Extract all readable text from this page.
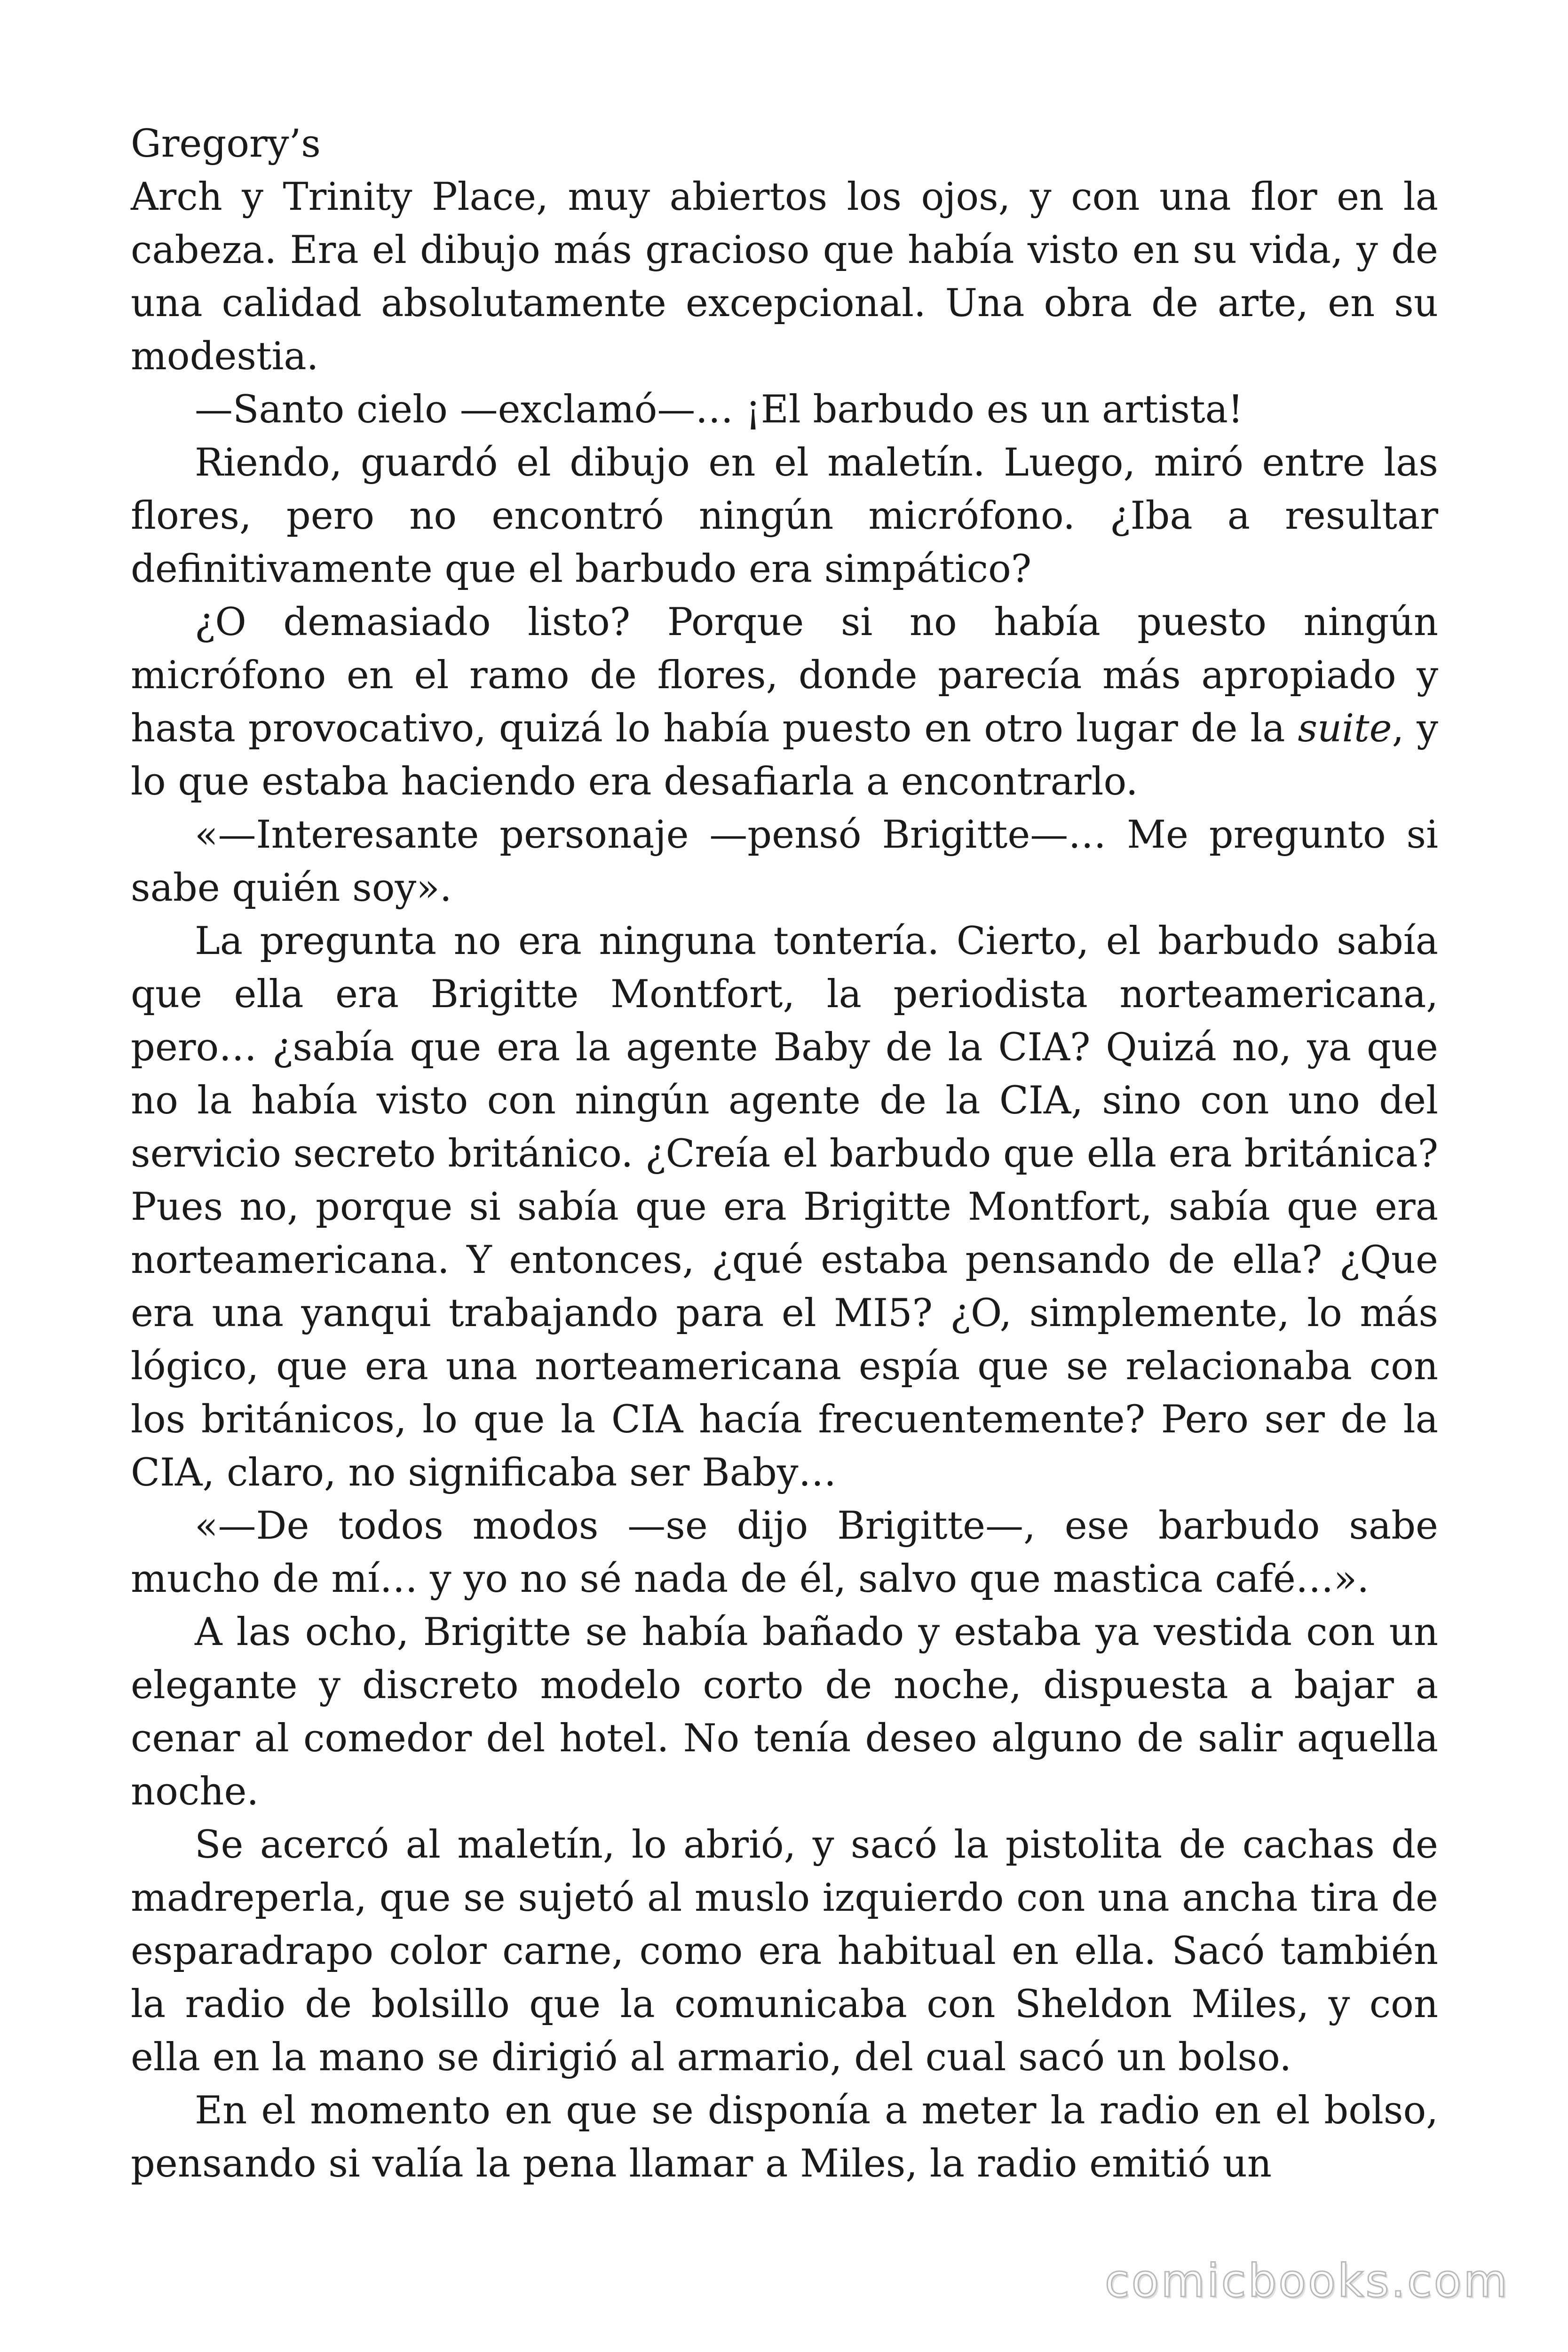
Gregory’s
Arch y Trinity Place, muy abiertos los ojos, y con una flor en la cabeza. Era el dibujo más gracioso que había visto en su vida, y de una calidad absolutamente excepcional. Una obra de arte, en su modestia.

—Santo cielo —exclamó—… ¡El barbudo es un artista!

Riendo, guardó el dibujo en el maletín. Luego, miró entre las flores, pero no encontró ningún micrófono. ¿Iba a resultar definitivamente que el barbudo era simpático?

¿O demasiado listo? Porque si no había puesto ningún micrófono en el ramo de flores, donde parecía más apropiado y hasta provocativo, quizá lo había puesto en otro lugar de la suite, y lo que estaba haciendo era desafiarla a encontrarlo.

«—Interesante personaje —pensó Brigitte—… Me pregunto si sabe quién soy».

La pregunta no era ninguna tontería. Cierto, el barbudo sabía que ella era Brigitte Montfort, la periodista norteamericana, pero… ¿sabía que era la agente Baby de la CIA? Quizá no, ya que no la había visto con ningún agente de la CIA, sino con uno del servicio secreto británico. ¿Creía el barbudo que ella era británica? Pues no, porque si sabía que era Brigitte Montfort, sabía que era norteamericana. Y entonces, ¿qué estaba pensando de ella? ¿Que era una yanqui trabajando para el MI5? ¿O, simplemente, lo más lógico, que era una norteamericana espía que se relacionaba con los británicos, lo que la CIA hacía frecuentemente? Pero ser de la CIA, claro, no significaba ser Baby…

«—De todos modos —se dijo Brigitte—, ese barbudo sabe mucho de mí… y yo no sé nada de él, salvo que mastica café…».

A las ocho, Brigitte se había bañado y estaba ya vestida con un elegante y discreto modelo corto de noche, dispuesta a bajar a cenar al comedor del hotel. No tenía deseo alguno de salir aquella noche.

Se acercó al maletín, lo abrió, y sacó la pistolita de cachas de madreperla, que se sujetó al muslo izquierdo con una ancha tira de esparadrapo color carne, como era habitual en ella. Sacó también la radio de bolsillo que la comunicaba con Sheldon Miles, y con ella en la mano se dirigió al armario, del cual sacó un bolso.

En el momento en que se disponía a meter la radio en el bolso, pensando si valía la pena llamar a Miles, la radio emitió un

comicbooks.com
